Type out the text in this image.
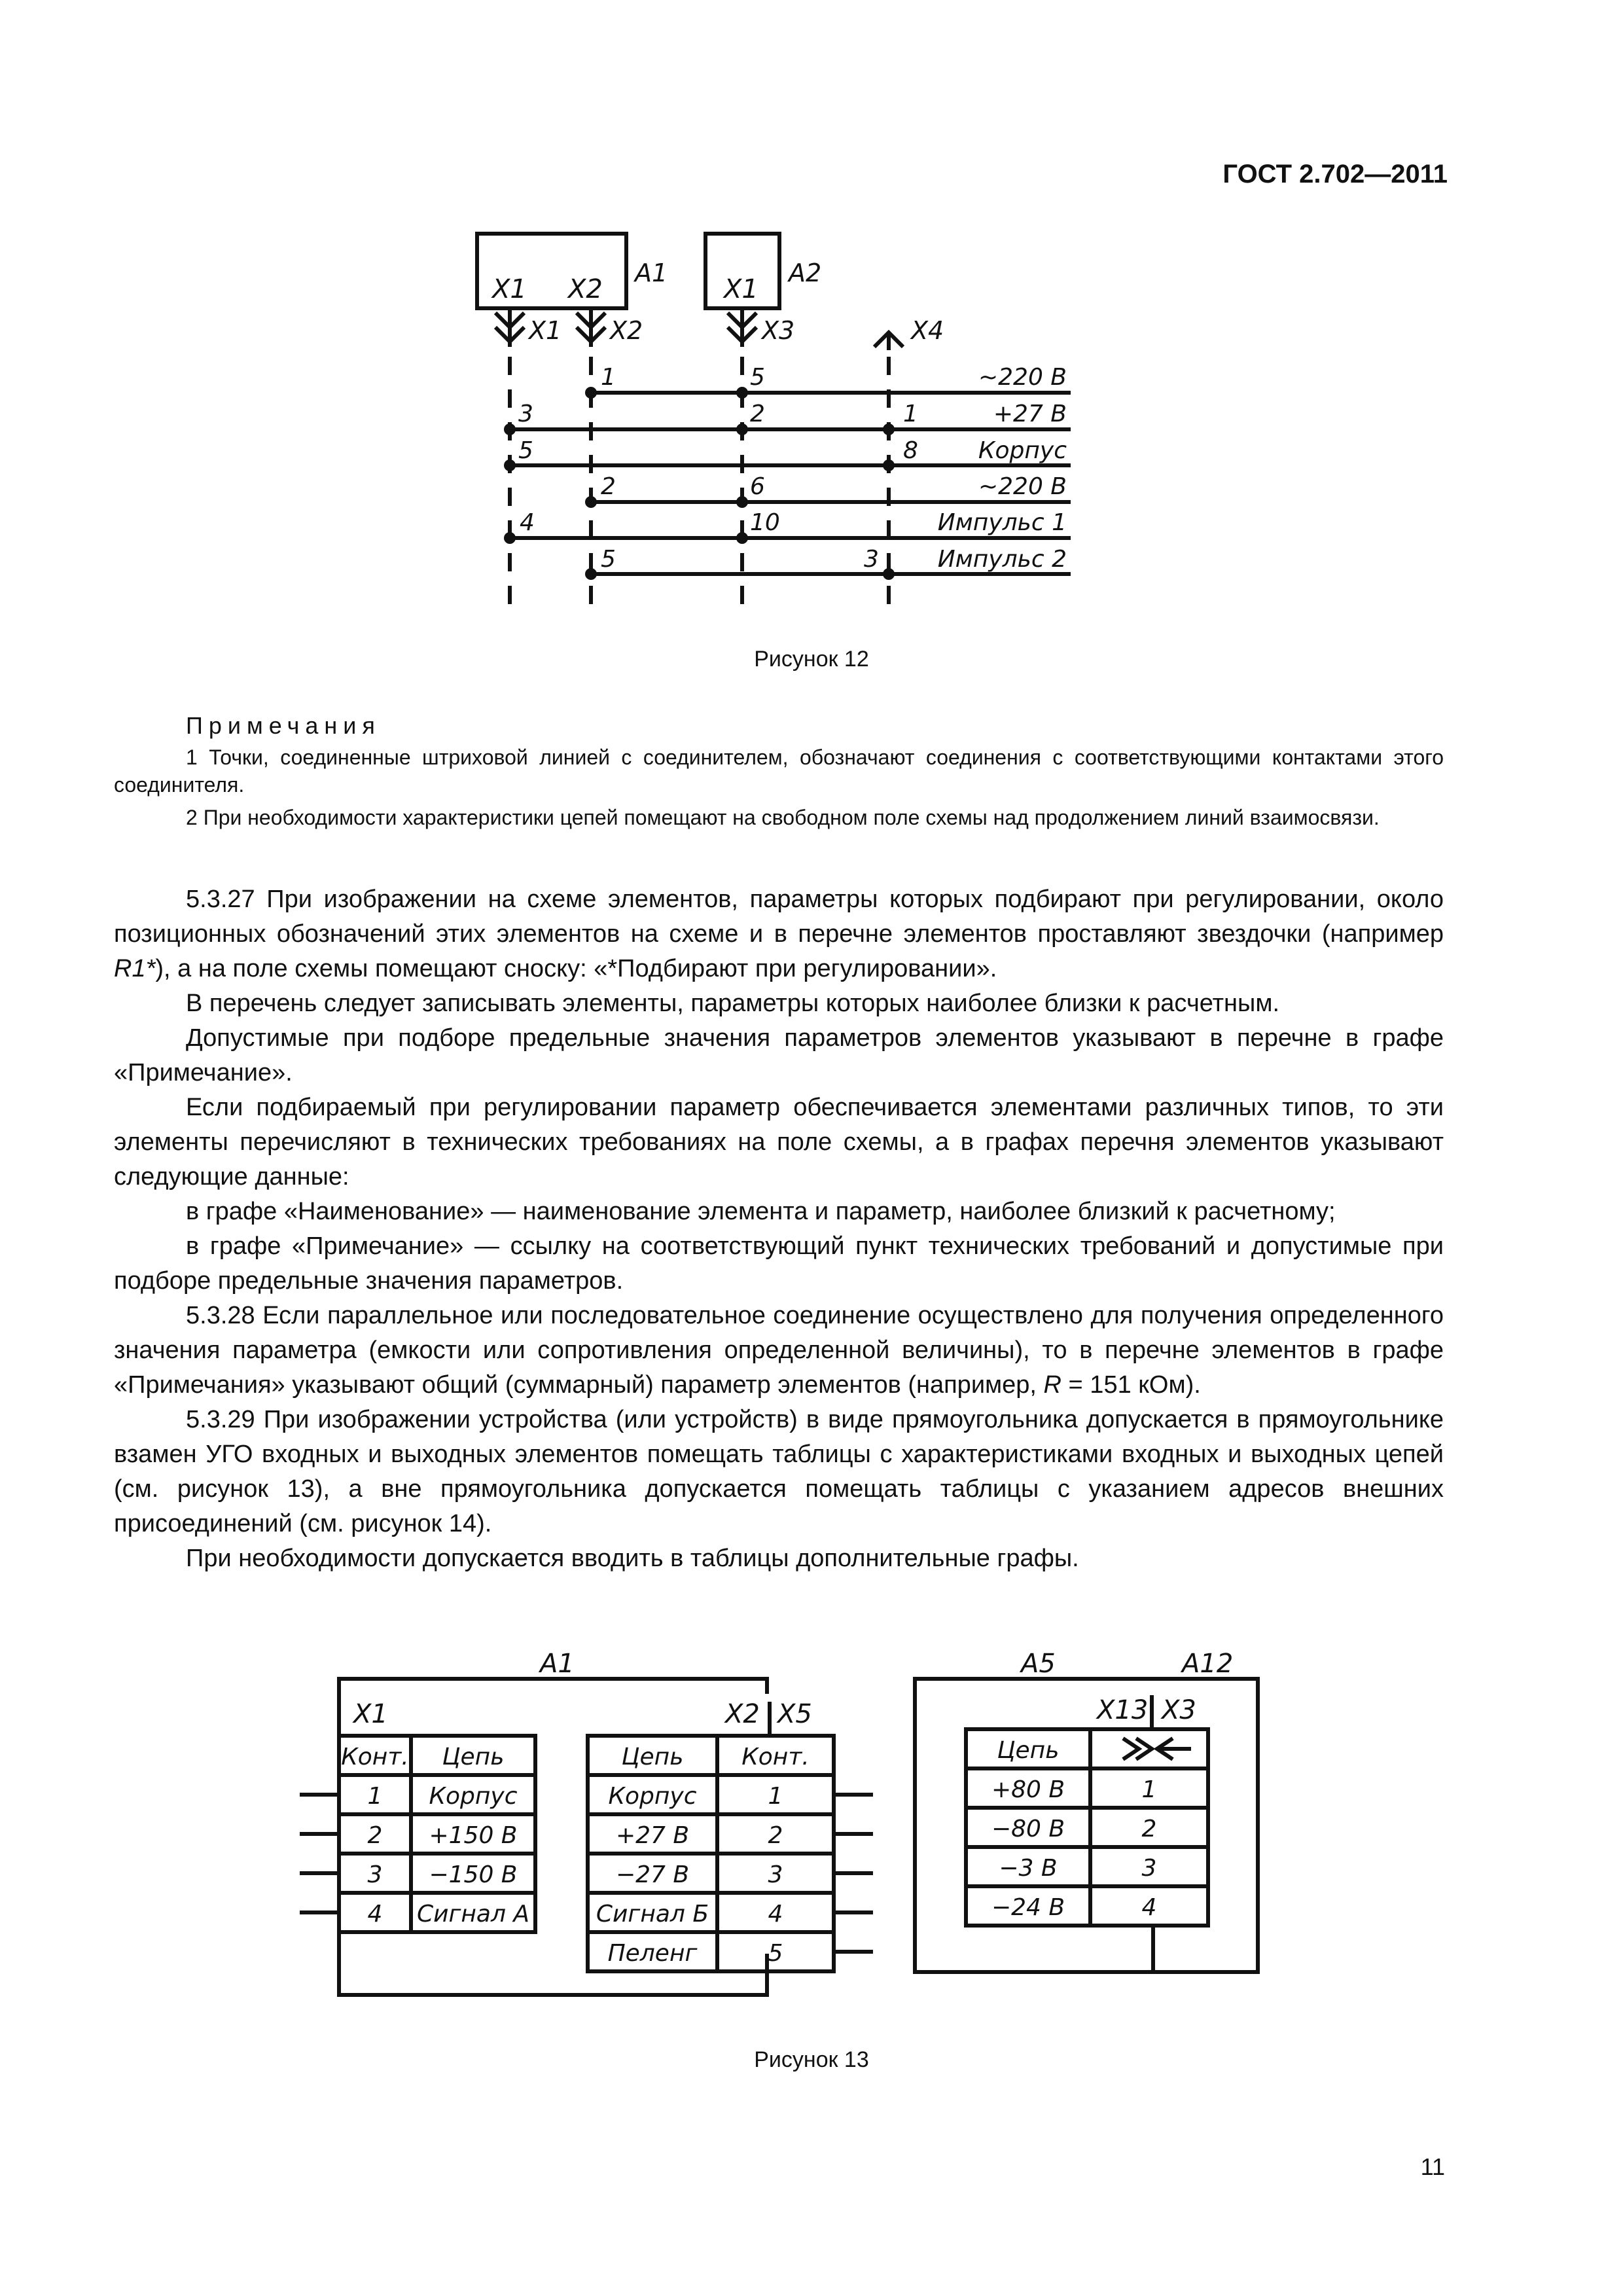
ГОСТ 2.702—2011
A1	A2
X1 X2	X1
X1 X2	X3	X4
1	5
3	2	1
5	8
2	6
4	10
5	3
~220 В
+27 В
Корпус
~220 В
Импульс 1
Импульс 2
Рисунок 12
Примечания
1 Точки, соединенные штриховой линией с соединителем, обозначают соединения с соответствующими контактами этого соединителя.
2 При необходимости характеристики цепей помещают на свободном поле схемы над продолжением линий взаимосвязи.

5.3.27 При изображении на схеме элементов, параметры которых подбирают при регулировании, около позиционных обозначений этих элементов на схеме и в перечне элементов проставляют звездочки (например R1*), а на поле схемы помещают сноску: «*Подбирают при регулировании».

В перечень следует записывать элементы, параметры которых наиболее близки к расчетным.

Допустимые при подборе предельные значения параметров элементов указывают в перечне в графе «Примечание».

Если подбираемый при регулировании параметр обеспечивается элементами различных типов, то эти элементы перечисляют в технических требованиях на поле схемы, а в графах перечня элементов указывают следующие данные:

в графе «Наименование» — наименование элемента и параметр, наиболее близкий к расчетному;

в графе «Примечание» — ссылку на соответствующий пункт технических требований и допустимые при подборе предельные значения параметров.

5.3.28 Если параллельное или последовательное соединение осуществлено для получения определенного значения параметра (емкости или сопротивления определенной величины), то в перечне элементов в графе «Примечания» указывают общий (суммарный) параметр элементов (например, R = 151 кОм).

5.3.29 При изображении устройства (или устройств) в виде прямоугольника допускается в прямоугольнике взамен УГО входных и выходных элементов помещать таблицы с характеристиками входных и выходных цепей (см. рисунок 13), а вне прямоугольника допускается помещать таблицы с указанием адресов внешних присоединений (см. рисунок 14).

При необходимости допускается вводить в таблицы дополнительные графы.

A1
X1	X2 X5
Конт. Цепь
1 Корпус
2 +150 В
3 −150 В
4 Сигнал А
Цепь Конт.
Корпус	1
+27 В	2
−27 В	3
Сигнал Б	4
Пеленг	5
A5	A12
X13 X3
Цепь
+80 В	1
−80 В	2
−3 В	3
−24 В	4
Рисунок 13
11
